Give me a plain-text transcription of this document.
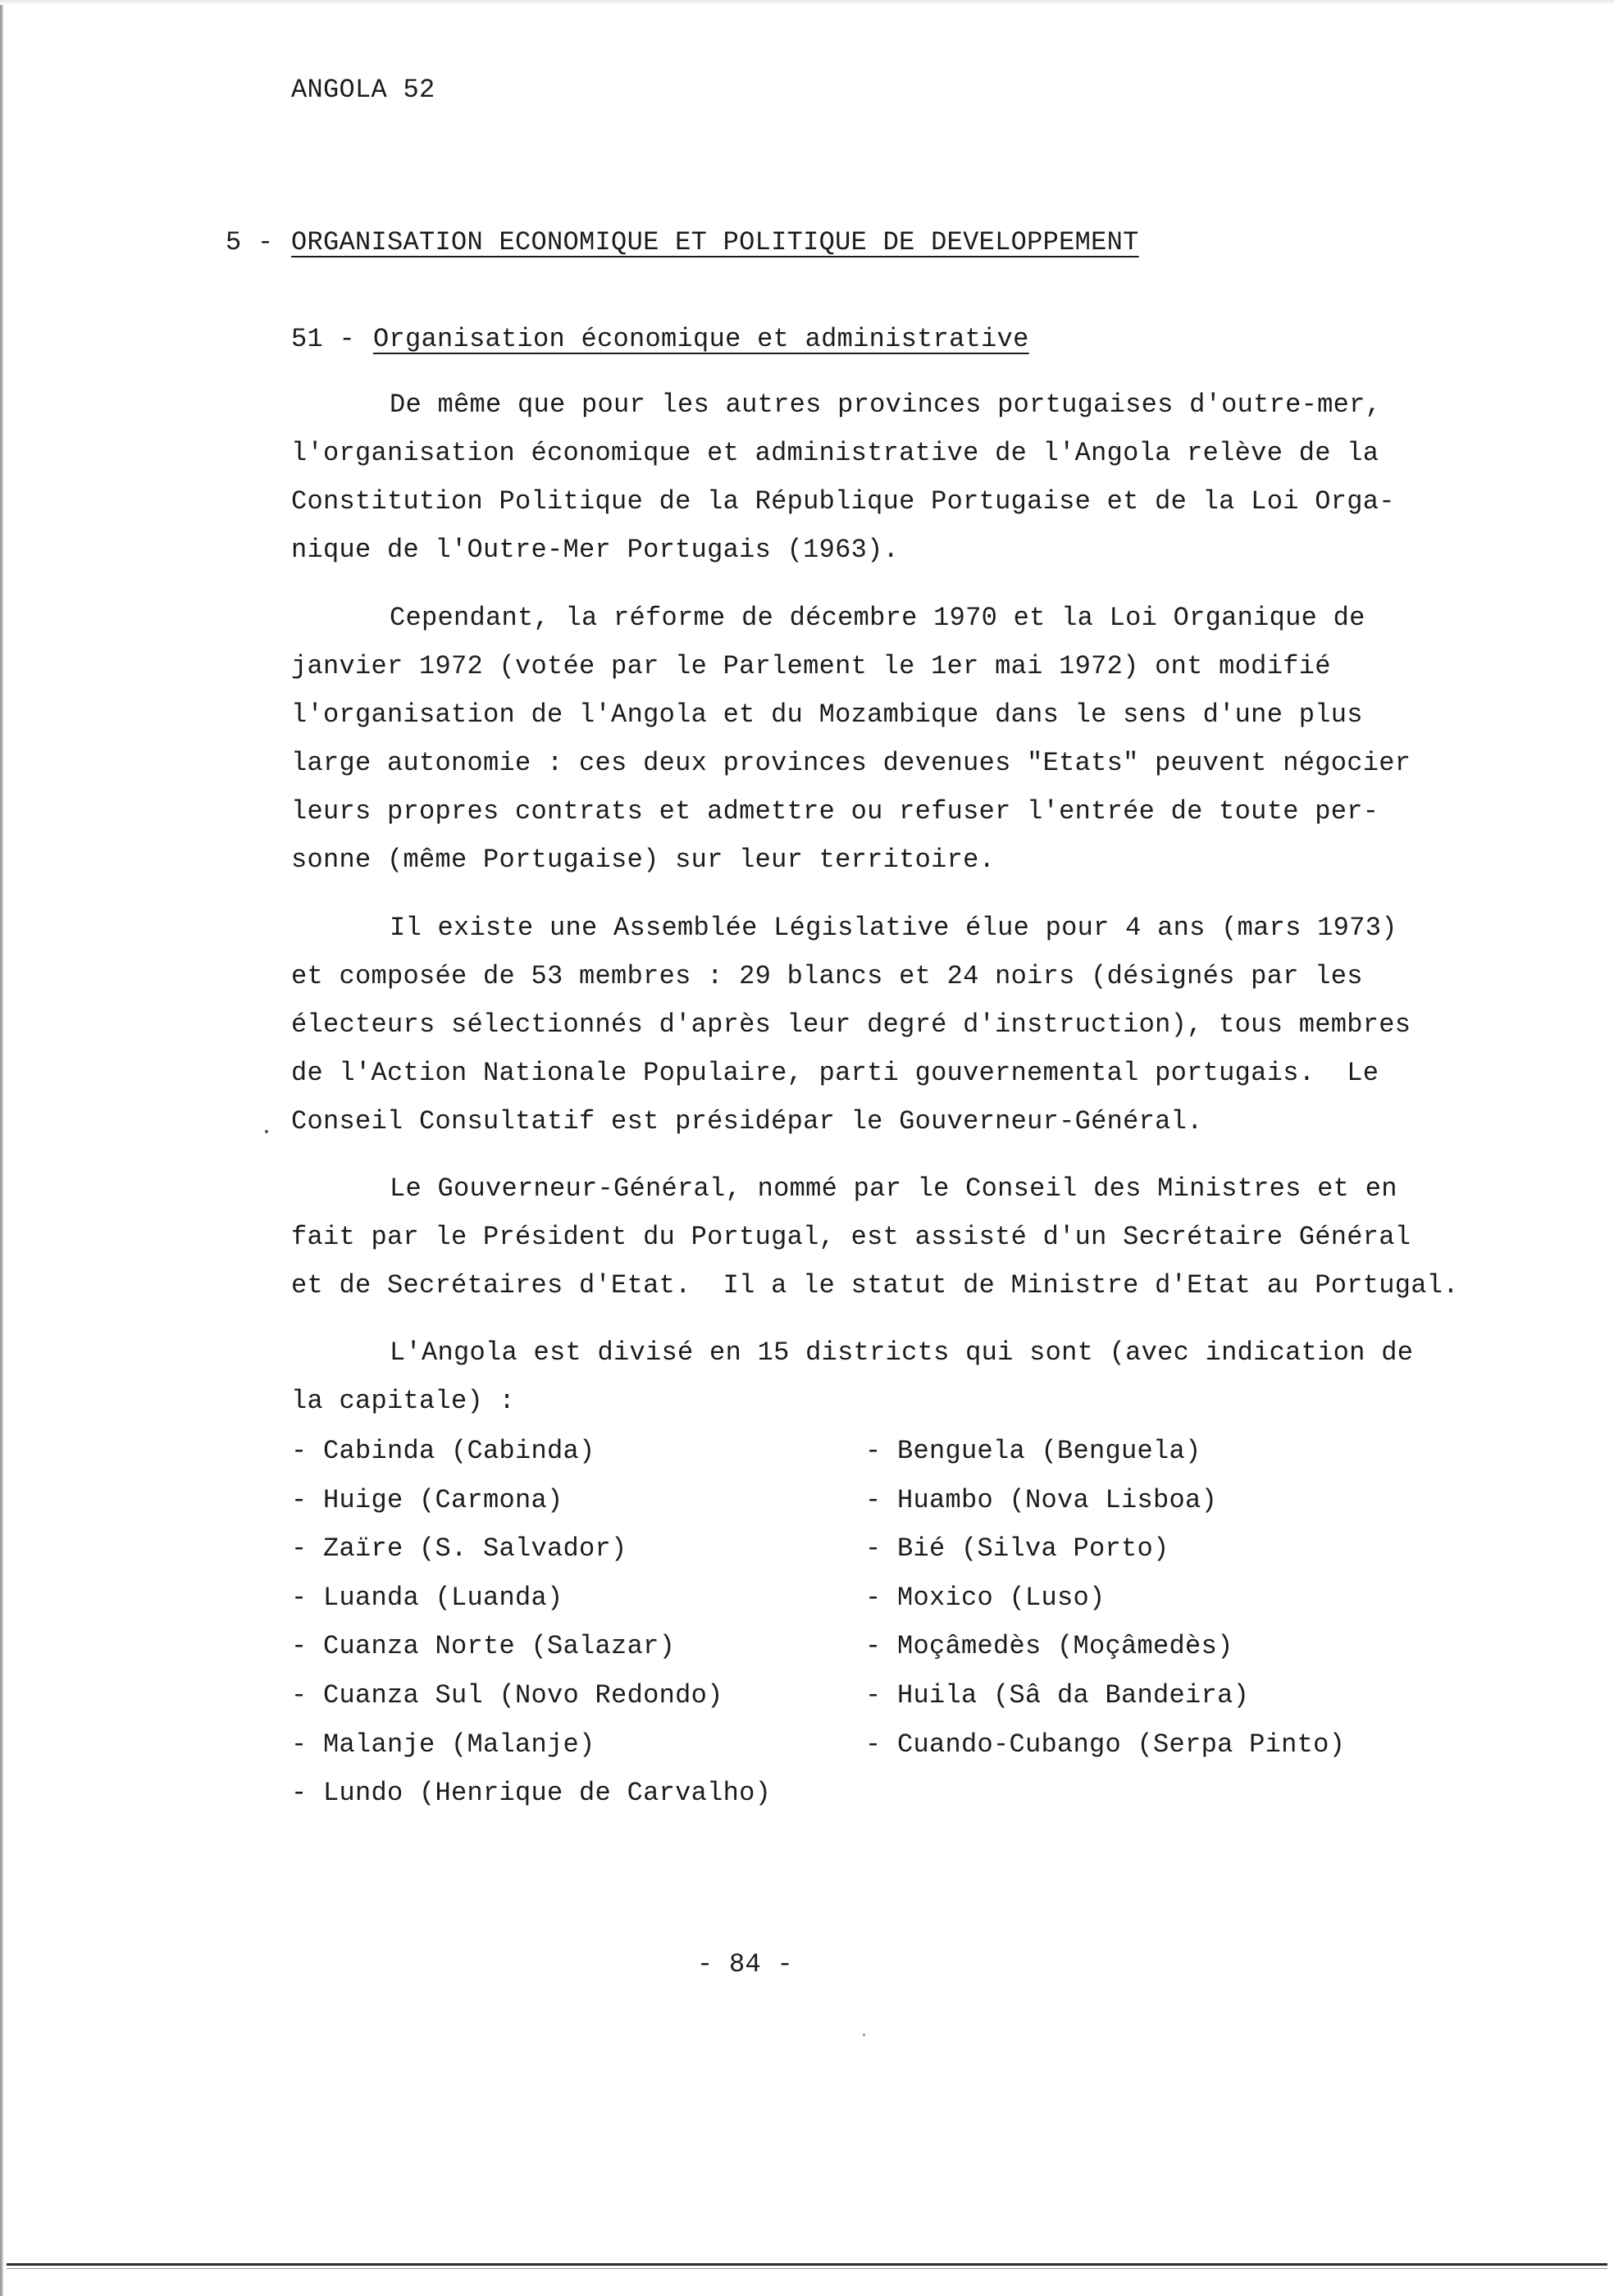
ANGOLA 52
5 - ORGANISATION ECONOMIQUE ET POLITIQUE DE DEVELOPPEMENT
51 - Organisation économique et administrative
De même que pour les autres provinces portugaises d'outre-mer,
l'organisation économique et administrative de l'Angola relève de la
Constitution Politique de la République Portugaise et de la Loi Orga-
nique de l'Outre-Mer Portugais (1963).
Cependant, la réforme de décembre 1970 et la Loi Organique de
janvier 1972 (votée par le Parlement le 1er mai 1972) ont modifié
l'organisation de l'Angola et du Mozambique dans le sens d'une plus
large autonomie : ces deux provinces devenues "Etats" peuvent négocier
leurs propres contrats et admettre ou refuser l'entrée de toute per-
sonne (même Portugaise) sur leur territoire.
Il existe une Assemblée Législative élue pour 4 ans (mars 1973)
et composée de 53 membres : 29 blancs et 24 noirs (désignés par les
électeurs sélectionnés d'après leur degré d'instruction), tous membres
de l'Action Nationale Populaire, parti gouvernemental portugais.  Le
Conseil Consultatif est présidépar le Gouverneur-Général.
Le Gouverneur-Général, nommé par le Conseil des Ministres et en
fait par le Président du Portugal, est assisté d'un Secrétaire Général
et de Secrétaires d'Etat.  Il a le statut de Ministre d'Etat au Portugal.
L'Angola est divisé en 15 districts qui sont (avec indication de
la capitale) :
- Cabinda (Cabinda)
- Huige (Carmona)
- Zaïre (S. Salvador)
- Luanda (Luanda)
- Cuanza Norte (Salazar)
- Cuanza Sul (Novo Redondo)
- Malanje (Malanje)
- Lundo (Henrique de Carvalho)
- Benguela (Benguela)
- Huambo (Nova Lisboa)
- Bié (Silva Porto)
- Moxico (Luso)
- Moçâmedès (Moçâmedès)
- Huila (Sâ da Bandeira)
- Cuando-Cubango (Serpa Pinto)
- 84 -
